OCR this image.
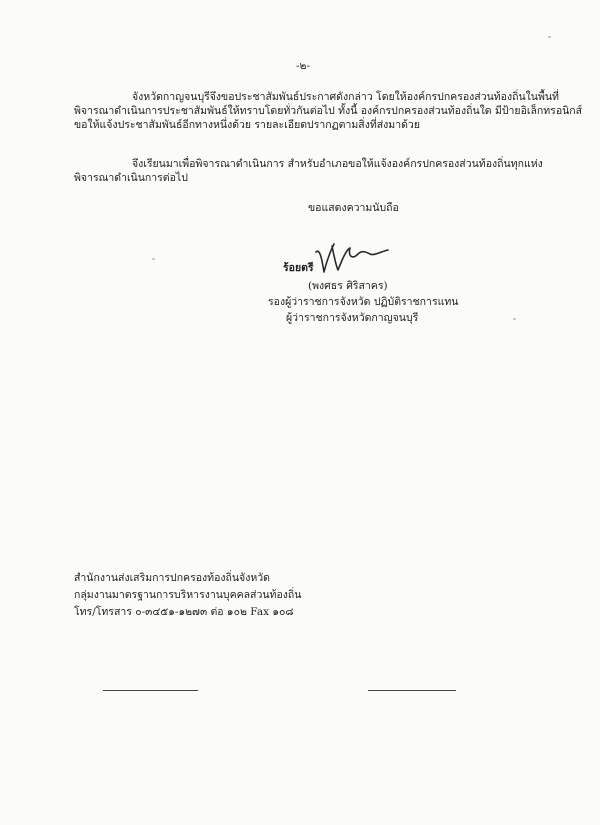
-๒-
จังหวัดกาญจนบุรีจึงขอประชาสัมพันธ์ประกาศดังกล่าว โดยให้องค์กรปกครองส่วนท้องถิ่นในพื้นที่
พิจารณาดำเนินการประชาสัมพันธ์ให้ทราบโดยทั่วกันต่อไป ทั้งนี้ องค์กรปกครองส่วนท้องถิ่นใด มีป้ายอิเล็กทรอนิกส์
ขอให้แจ้งประชาสัมพันธ์อีกทางหนึ่งด้วย รายละเอียดปรากฏตามสิ่งที่ส่งมาด้วย
จึงเรียนมาเพื่อพิจารณาดำเนินการ สำหรับอำเภอขอให้แจ้งองค์กรปกครองส่วนท้องถิ่นทุกแห่ง
พิจารณาดำเนินการต่อไป
ขอแสดงความนับถือ
ร้อยตรี
(พงศธร ศิริสาคร)
รองผู้ว่าราชการจังหวัด ปฏิบัติราชการแทน
ผู้ว่าราชการจังหวัดกาญจนบุรี
สำนักงานส่งเสริมการปกครองท้องถิ่นจังหวัด
กลุ่มงานมาตรฐานการบริหารงานบุคคลส่วนท้องถิ่น
โทร/โทรสาร ๐-๓๔๕๑-๑๒๗๓ ต่อ ๑๐๒ Fax ๑๐๘
